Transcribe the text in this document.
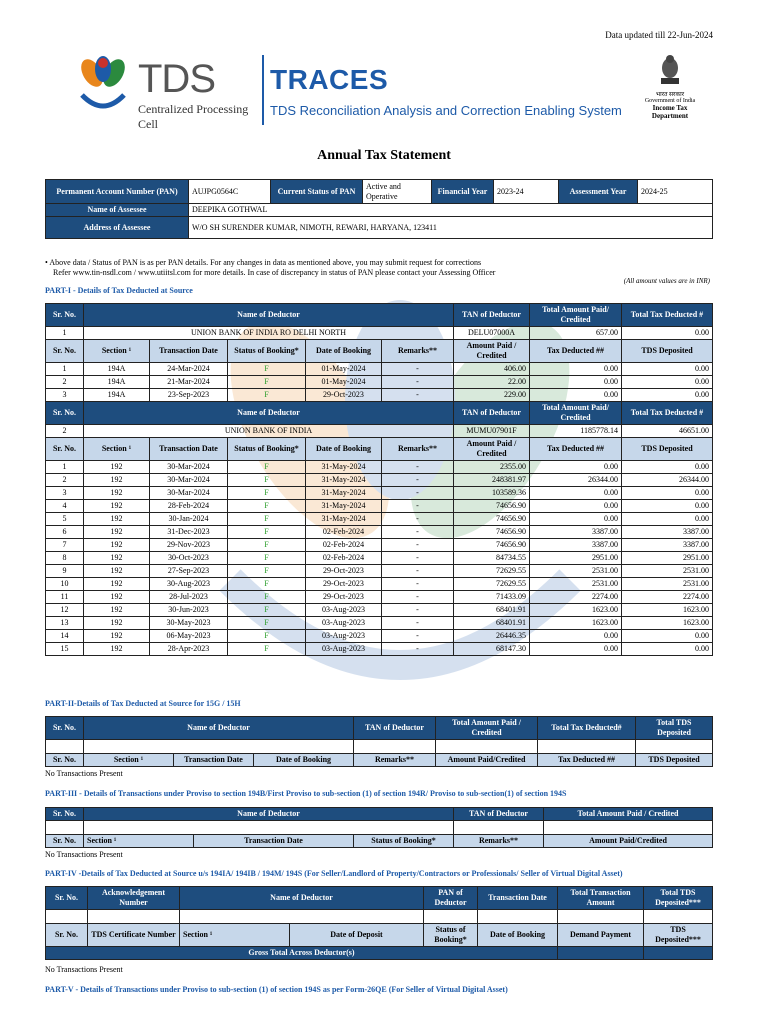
Data updated till 22-Jun-2024
TDS
Centralized Processing Cell
TRACES
TDS Reconciliation Analysis and Correction Enabling System
भारत सरकार
Government of India
Income Tax Department
Annual Tax Statement
Permanent Account Number (PAN)	AUJPG0564C	Current Status of PAN	Active and Operative	Financial Year	2023-24	Assessment Year	2024-25
Name of Assessee	DEEPIKA GOTHWAL						
Address of Assessee	W/O SH SURENDER KUMAR, NIMOTH, REWARI, HARYANA, 123411						
• Above data / Status of PAN is as per PAN details. For any changes in data as mentioned above, you may submit request for corrections
Refer www.tin-nsdl.com / www.utiitsl.com for more details. In case of discrepancy in status of PAN please contact your Assessing Officer
(All amount values are in INR)
PART-I - Details of Tax Deducted at Source
Sr. No.	Name of Deductor					TAN of Deductor	Total Amount Paid/ Credited	Total Tax Deducted #
1	UNION BANK OF INDIA RO DELHI NORTH					DELU07000A	657.00	0.00
Sr. No.	Section ¹	Transaction Date	Status of Booking*	Date of Booking	Remarks**	Amount Paid / Credited	Tax Deducted ##	TDS Deposited
1	194A	24-Mar-2024	F	01-May-2024	-	406.00	0.00	0.00
2	194A	21-Mar-2024	F	01-May-2024	-	22.00	0.00	0.00
3	194A	23-Sep-2023	F	29-Oct-2023	-	229.00	0.00	0.00
Sr. No.	Name of Deductor					TAN of Deductor	Total Amount Paid/ Credited	Total Tax Deducted #
2	UNION BANK OF INDIA					MUMU07901F	1185778.14	46651.00
Sr. No.	Section ¹	Transaction Date	Status of Booking*	Date of Booking	Remarks**	Amount Paid / Credited	Tax Deducted ##	TDS Deposited
1	192	30-Mar-2024	F	31-May-2024	-	2355.00	0.00	0.00
2	192	30-Mar-2024	F	31-May-2024	-	248381.97	26344.00	26344.00
3	192	30-Mar-2024	F	31-May-2024	-	103589.36	0.00	0.00
4	192	28-Feb-2024	F	31-May-2024	-	74656.90	0.00	0.00
5	192	30-Jan-2024	F	31-May-2024	-	74656.90	0.00	0.00
6	192	31-Dec-2023	F	02-Feb-2024	-	74656.90	3387.00	3387.00
7	192	29-Nov-2023	F	02-Feb-2024	-	74656.90	3387.00	3387.00
8	192	30-Oct-2023	F	02-Feb-2024	-	84734.55	2951.00	2951.00
9	192	27-Sep-2023	F	29-Oct-2023	-	72629.55	2531.00	2531.00
10	192	30-Aug-2023	F	29-Oct-2023	-	72629.55	2531.00	2531.00
11	192	28-Jul-2023	F	29-Oct-2023	-	71433.09	2274.00	2274.00
12	192	30-Jun-2023	F	03-Aug-2023	-	68401.91	1623.00	1623.00
13	192	30-May-2023	F	03-Aug-2023	-	68401.91	1623.00	1623.00
14	192	06-May-2023	F	03-Aug-2023	-	26446.35	0.00	0.00
15	192	28-Apr-2023	F	03-Aug-2023	-	68147.30	0.00	0.00
PART-II-Details of Tax Deducted at Source for 15G / 15H
Sr. No.	Name of Deductor			TAN of Deductor	Total Amount Paid / Credited	Total Tax Deducted#	Total TDS Deposited

Sr. No.	Section ¹	Transaction Date	Date of Booking	Remarks**	Amount Paid/Credited	Tax Deducted ##	TDS Deposited
No Transactions Present
PART-III - Details of Transactions under Proviso to section 194B/First Proviso to sub-section (1) of section 194R/ Proviso to sub-section(1) of section 194S
Sr. No.	Name of Deductor			TAN of Deductor	Total Amount Paid / Credited

Sr. No.	Section ¹	Transaction Date	Status of Booking*	Remarks**	Amount Paid/Credited
No Transactions Present
PART-IV -Details of Tax Deducted at Source u/s 194IA/ 194IB / 194M/ 194S (For Seller/Landlord of Property/Contractors or Professionals/ Seller of Virtual Digital Asset)
Sr. No.	Acknowledgement Number	Name of Deductor		PAN of Deductor	Transaction Date	Total Transaction Amount	Total TDS Deposited***

Sr. No.	TDS Certificate Number	Section ¹	Date of Deposit	Status of Booking*	Date of Booking	Demand Payment	TDS Deposited***
Gross Total Across Deductor(s)							
No Transactions Present
PART-V - Details of Transactions under Proviso to sub-section (1) of section 194S as per Form-26QE (For Seller of Virtual Digital Asset)
